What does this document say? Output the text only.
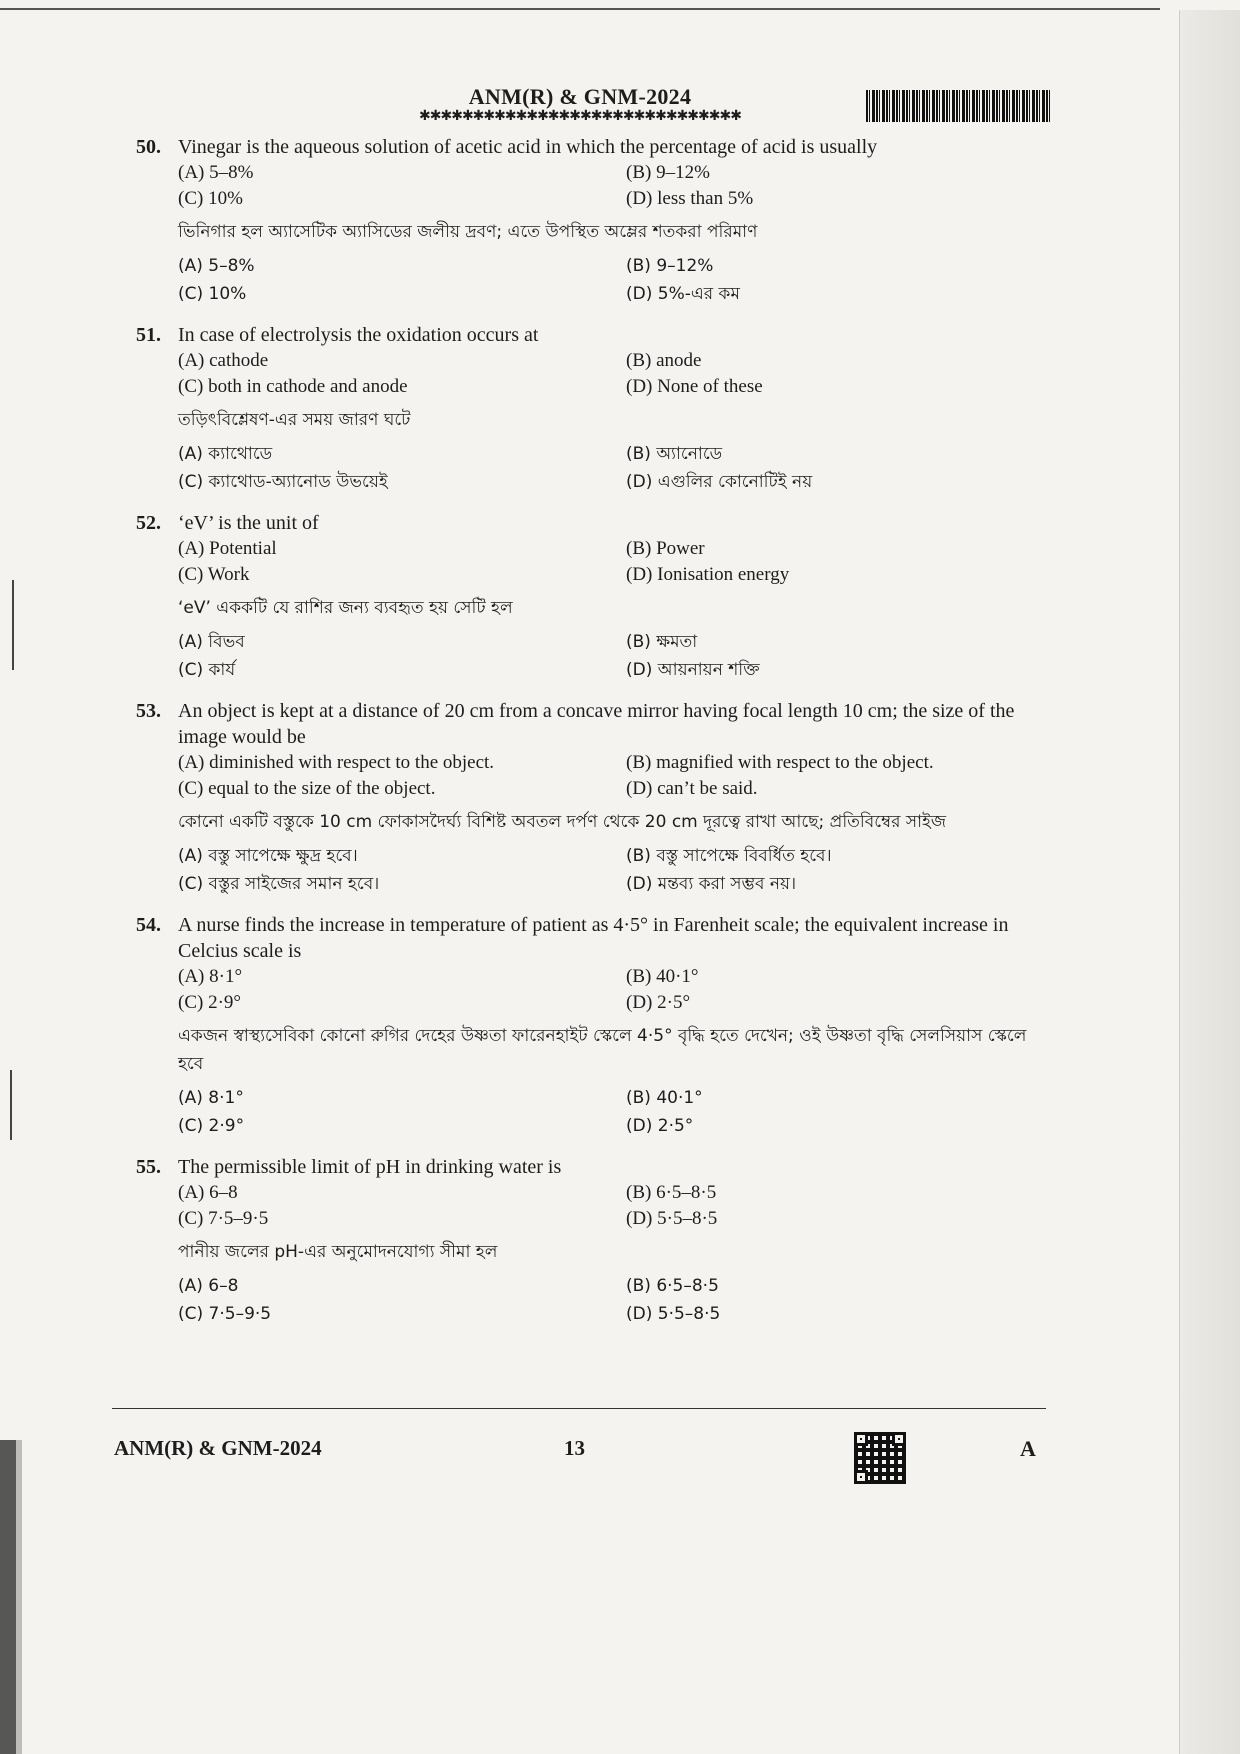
ANM(R) & GNM-2024
✱✱✱✱✱✱✱✱✱✱✱✱✱✱✱✱✱✱✱✱✱✱✱✱✱✱✱✱✱✱
50. Vinegar is the aqueous solution of acetic acid in which the percentage of acid is usually
(A) 5–8%	(B) 9–12%
(C) 10%	(D) less than 5%
ভিনিগার হল অ্যাসেটিক অ্যাসিডের জলীয় দ্রবণ; এতে উপস্থিত অম্লের শতকরা পরিমাণ
(A) 5–8%	(B) 9–12%
(C) 10%	(D) 5%-এর কম
51. In case of electrolysis the oxidation occurs at
(A) cathode	(B) anode
(C) both in cathode and anode	(D) None of these
তড়িৎবিশ্লেষণ-এর সময় জারণ ঘটে
(A) ক্যাথোডে	(B) অ্যানোডে
(C) ক্যাথোড-অ্যানোড উভয়েই	(D) এগুলির কোনোটিই নয়
52. ‘eV’ is the unit of
(A) Potential	(B) Power
(C) Work	(D) Ionisation energy
‘eV’ এককটি যে রাশির জন্য ব্যবহৃত হয় সেটি হল
(A) বিভব	(B) ক্ষমতা
(C) কার্য	(D) আয়নায়ন শক্তি
53. An object is kept at a distance of 20 cm from a concave mirror having focal length 10 cm; the size of the image would be
(A) diminished with respect to the object.	(B) magnified with respect to the object.
(C) equal to the size of the object.	(D) can’t be said.
কোনো একটি বস্তুকে 10 cm ফোকাসদৈর্ঘ্য বিশিষ্ট অবতল দর্পণ থেকে 20 cm দূরত্বে রাখা আছে; প্রতিবিম্বের সাইজ
(A) বস্তু সাপেক্ষে ক্ষুদ্র হবে।	(B) বস্তু সাপেক্ষে বিবর্ধিত হবে।
(C) বস্তুর সাইজের সমান হবে।	(D) মন্তব্য করা সম্ভব নয়।
54. A nurse finds the increase in temperature of patient as 4·5° in Farenheit scale; the equivalent increase in Celcius scale is
(A) 8·1°	(B) 40·1°
(C) 2·9°	(D) 2·5°
একজন স্বাস্থ্যসেবিকা কোনো রুগির দেহের উষ্ণতা ফারেনহাইট স্কেলে 4·5° বৃদ্ধি হতে দেখেন; ওই উষ্ণতা বৃদ্ধি সেলসিয়াস স্কেলে হবে
(A) 8·1°	(B) 40·1°
(C) 2·9°	(D) 2·5°
55. The permissible limit of pH in drinking water is
(A) 6–8	(B) 6·5–8·5
(C) 7·5–9·5	(D) 5·5–8·5
পানীয় জলের pH-এর অনুমোদনযোগ্য সীমা হল
(A) 6–8	(B) 6·5–8·5
(C) 7·5–9·5	(D) 5·5–8·5
ANM(R) & GNM-2024	13	A
